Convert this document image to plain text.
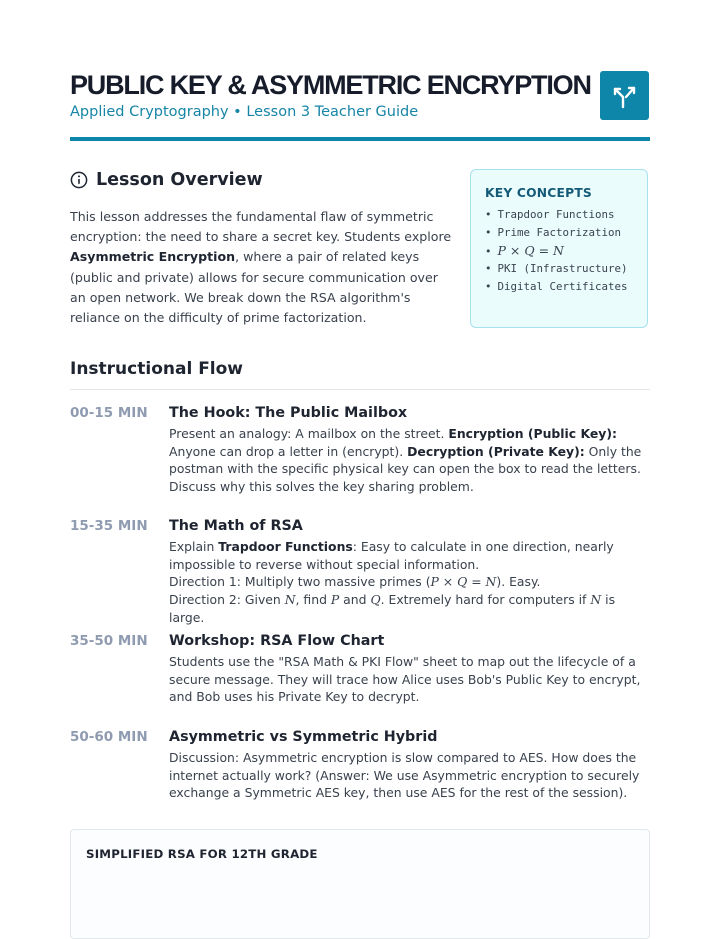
PUBLIC KEY & ASYMMETRIC ENCRYPTION
Applied Cryptography • Lesson 3 Teacher Guide
Lesson Overview
This lesson addresses the fundamental flaw of symmetric encryption: the need to share a secret key. Students explore Asymmetric Encryption, where a pair of related keys (public and private) allows for secure communication over an open network. We break down the RSA algorithm's reliance on the difficulty of prime factorization.
KEY CONCEPTS
• Trapdoor Functions
• Prime Factorization
• P × Q = N
• PKI (Infrastructure)
• Digital Certificates
Instructional Flow
00-15 MIN The Hook: The Public Mailbox
Present an analogy: A mailbox on the street. Encryption (Public Key): Anyone can drop a letter in (encrypt). Decryption (Private Key): Only the postman with the specific physical key can open the box to read the letters. Discuss why this solves the key sharing problem.
15-35 MIN The Math of RSA
Explain Trapdoor Functions: Easy to calculate in one direction, nearly impossible to reverse without special information.
Direction 1: Multiply two massive primes (P × Q = N). Easy.
Direction 2: Given N, find P and Q. Extremely hard for computers if N is large.
35-50 MIN Workshop: RSA Flow Chart
Students use the "RSA Math & PKI Flow" sheet to map out the lifecycle of a secure message. They will trace how Alice uses Bob's Public Key to encrypt, and Bob uses his Private Key to decrypt.
50-60 MIN Asymmetric vs Symmetric Hybrid
Discussion: Asymmetric encryption is slow compared to AES. How does the internet actually work? (Answer: We use Asymmetric encryption to securely exchange a Symmetric AES key, then use AES for the rest of the session).
SIMPLIFIED RSA FOR 12TH GRADE
